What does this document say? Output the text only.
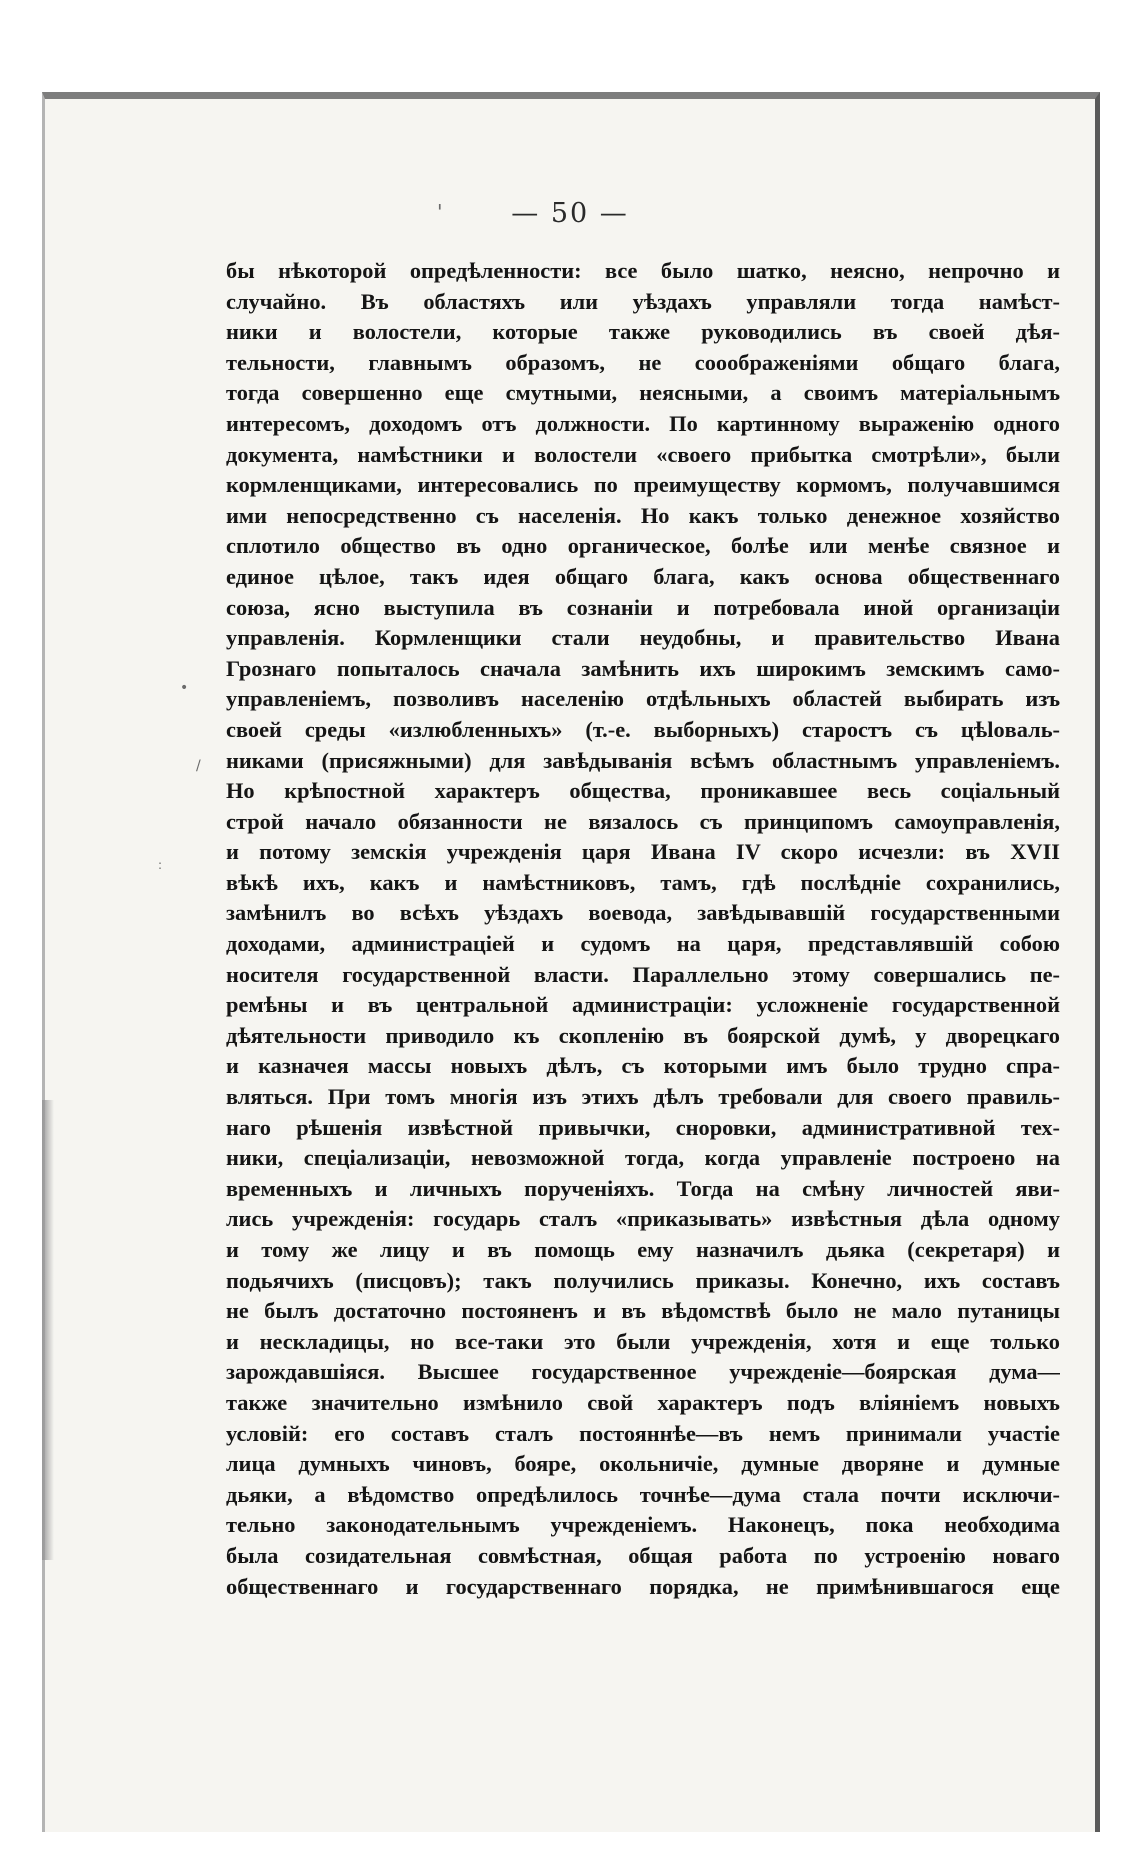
'
•
/
:
— 50 —
бы нѣкоторой опредѣленности: все было шатко, неясно, непрочно и
случайно. Въ областяхъ или уѣздахъ управляли тогда намѣст-
ники и волостели, которые также руководились въ своей дѣя-
тельности, главнымъ образомъ, не сооображеніями общаго блага,
тогда совершенно еще смутными, неясными, а своимъ матеріальнымъ
интересомъ, доходомъ отъ должности. По картинному выраженію одного
документа, намѣстники и волостели «своего прибытка смотрѣли», были
кормленщиками, интересовались по преимуществу кормомъ, получавшимся
ими непосредственно съ населенія. Но какъ только денежное хозяйство
сплотило общество въ одно органическое, болѣе или менѣе связное и
единое цѣлое, такъ идея общаго блага, какъ основа общественнаго
союза, ясно выступила въ сознаніи и потребовала иной организаціи
управленія. Кормленщики стали неудобны, и правительство Ивана
Грознаго попыталось сначала замѣнить ихъ широкимъ земскимъ само-
управленіемъ, позволивъ населенію отдѣльныхъ областей выбирать изъ
своей среды «излюбленныхъ» (т.-е. выборныхъ) старостъ съ цѣloваль-
никами (присяжными) для завѣдыванія всѣмъ областнымъ управленіемъ.
Но крѣпостной характеръ общества, проникавшее весь соціальный
строй начало обязанности не вязалось съ принципомъ самоуправленія,
и потому земскія учрежденія царя Ивана IV скоро исчезли: въ XVII
вѣкѣ ихъ, какъ и намѣстниковъ, тамъ, гдѣ послѣдніе сохранились,
замѣнилъ во всѣхъ уѣздахъ воевода, завѣдывавшій государственными
доходами, администраціей и судомъ на царя, представлявшій собою
носителя государственной власти. Параллельно этому совершались пе-
ремѣны и въ центральной администраціи: усложненіе государственной
дѣятельности приводило къ скопленію въ боярской думѣ, у дворецкаго
и казначея массы новыхъ дѣлъ, съ которыми имъ было трудно спра-
вляться. При томъ многія изъ этихъ дѣлъ требовали для своего правиль-
наго рѣшенія извѣстной привычки, сноровки, административной тех-
ники, спеціализаціи, невозможной тогда, когда управленіе построено на
временныхъ и личныхъ порученіяхъ. Тогда на смѣну личностей яви-
лись учрежденія: государь сталъ «приказывать» извѣстныя дѣла одному
и тому же лицу и въ помощь ему назначилъ дьяка (секретаря) и
подьячихъ (писцовъ); такъ получились приказы. Конечно, ихъ составъ
не былъ достаточно постояненъ и въ вѣдомствѣ было не мало путаницы
и нескладицы, но все-таки это были учрежденія, хотя и еще только
зарождавшіяся. Высшее государственное учрежденіе—боярская дума—
также значительно измѣнило свой характеръ подъ вліяніемъ новыхъ
условій: его составъ сталъ постояннѣе—въ немъ принимали участіе
лица думныхъ чиновъ, бояре, окольничіе, думные дворяне и думные
дьяки, а вѣдомство опредѣлилось точнѣе—дума стала почти исключи-
тельно законодательнымъ учрежденіемъ. Наконецъ, пока необходима
была созидательная совмѣстная, общая работа по устроенію новаго
общественнаго и государственнаго порядка, не примѣнившагося еще
